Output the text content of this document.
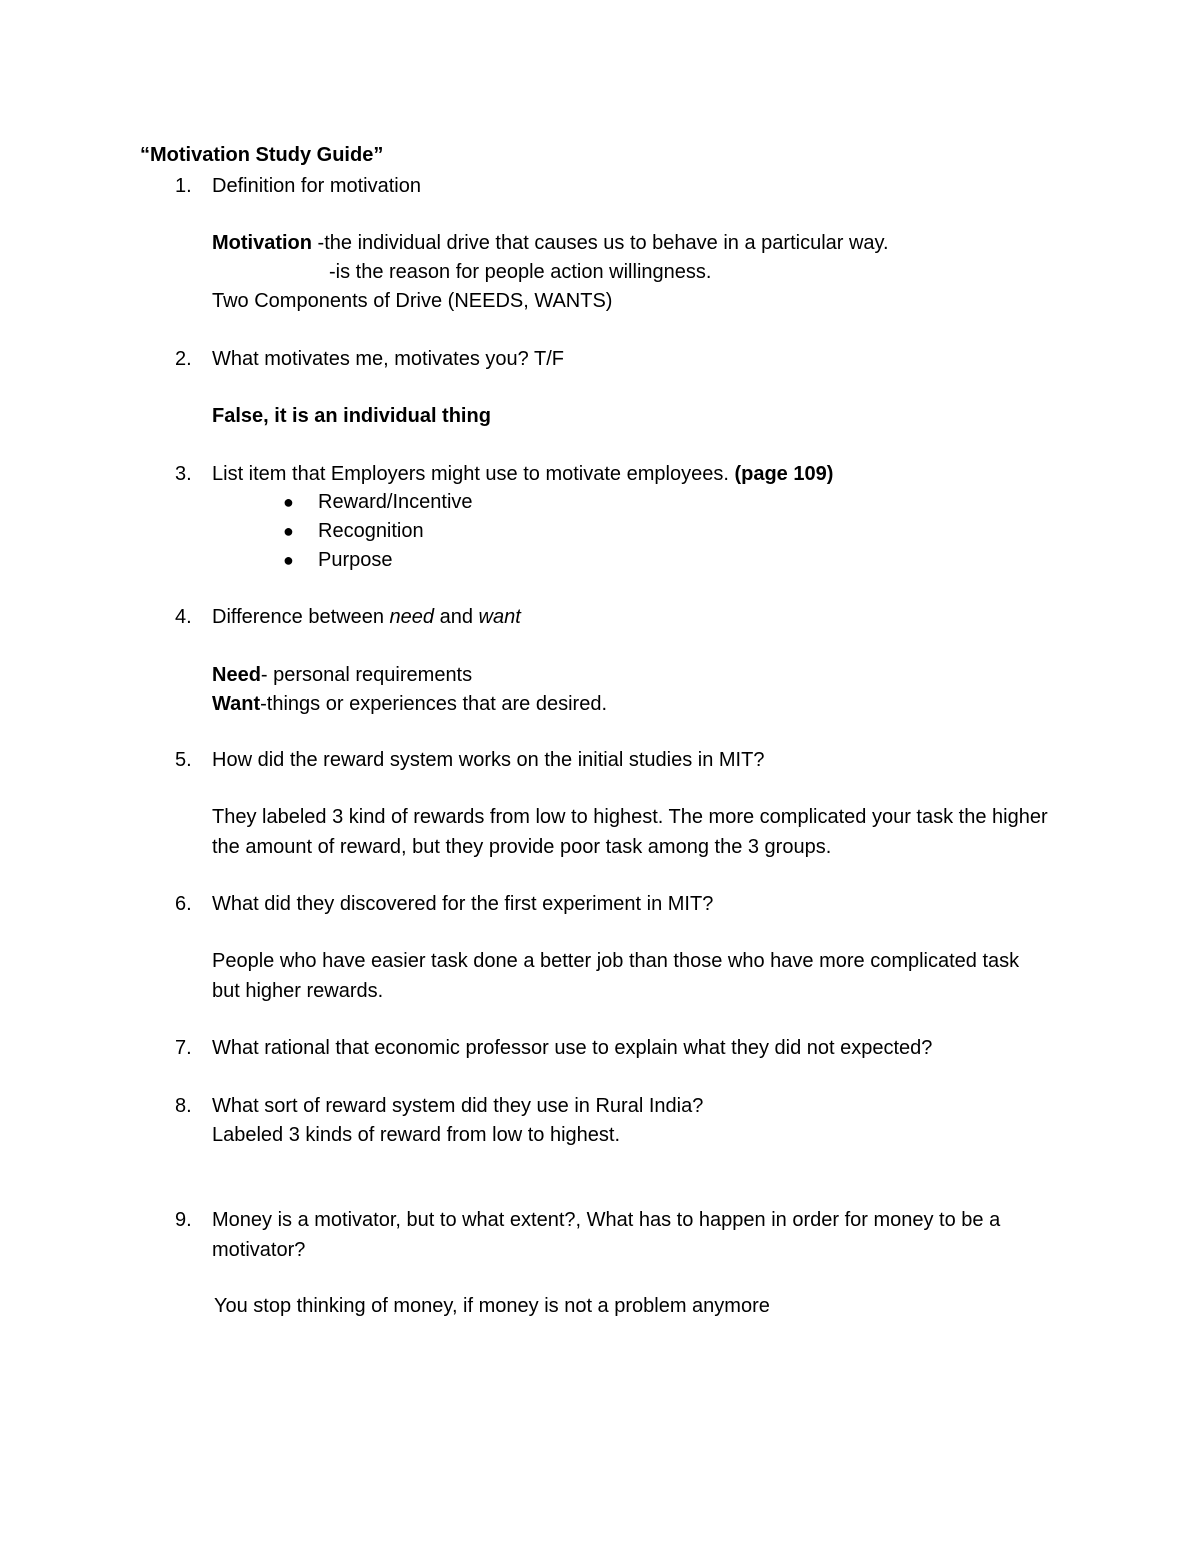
“Motivation Study Guide”
1. Definition for motivation
Motivation -the individual drive that causes us to behave in a particular way.
-is the reason for people action willingness.
Two Components of Drive (NEEDS, WANTS)
2. What motivates me, motivates you? T/F
False, it is an individual thing
3. List item that Employers might use to motivate employees. (page 109)
● Reward/Incentive
● Recognition
● Purpose
4. Difference between need and want
Need- personal requirements
Want-things or experiences that are desired.
5. How did the reward system works on the initial studies in MIT?
They labeled 3 kind of rewards from low to highest. The more complicated your task the higher the amount of reward, but they provide poor task among the 3 groups.
6. What did they discovered for the first experiment in MIT?
People who have easier task done a better job than those who have more complicated task but higher rewards.
7. What rational that economic professor use to explain what they did not expected?
8. What sort of reward system did they use in Rural India?
Labeled 3 kinds of reward from low to highest.
9. Money is a motivator, but to what extent?, What has to happen in order for money to be a motivator?
You stop thinking of money, if money is not a problem anymore
